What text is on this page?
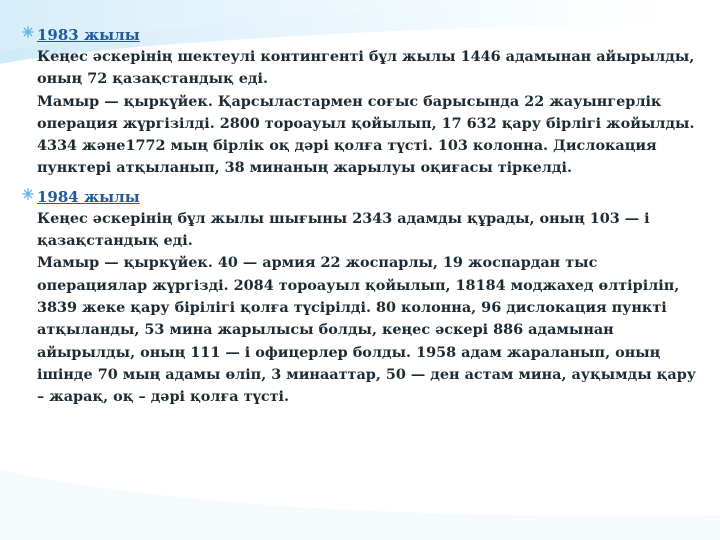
1983 жылы

Кеңес әскерінің шектеулі контингенті бұл жылы 1446 адамынан айырылды, оның 72 қазақстандық еді.

Мамыр — қыркүйек. Қарсыластармен соғыс барысында 22 жауынгерлік операция жүргізілді. 2800 тороауыл қойылып, 17 632 қару бірлігі жойылды. 4334 және1772 мың бірлік оқ дәрі қолға түсті. 103 колонна. Дислокация пунктері атқыланып, 38 минаның жарылуы оқиғасы тіркелді.

1984 жылы

Кеңес әскерінің бұл жылы шығыны 2343 адамды құрады, оның 103 — і қазақстандық еді.

Мамыр — қыркүйек. 40 — армия 22 жоспарлы, 19 жоспардан тыс операциялар жүргізді. 2084 тороауыл қойылып, 18184 моджахед өлтіріліп, 3839 жеке қару бірілігі қолға түсірілді. 80 колонна, 96 дислокация пункті атқыланды, 53 мина жарылысы болды, кеңес әскері 886 адамынан айырылды, оның 111 — і офицерлер болды. 1958 адам жараланып, оның ішінде 70 мың адамы өліп, 3 минааттар, 50 — ден астам мина, ауқымды қару – жарақ, оқ – дәрі қолға түсті.
